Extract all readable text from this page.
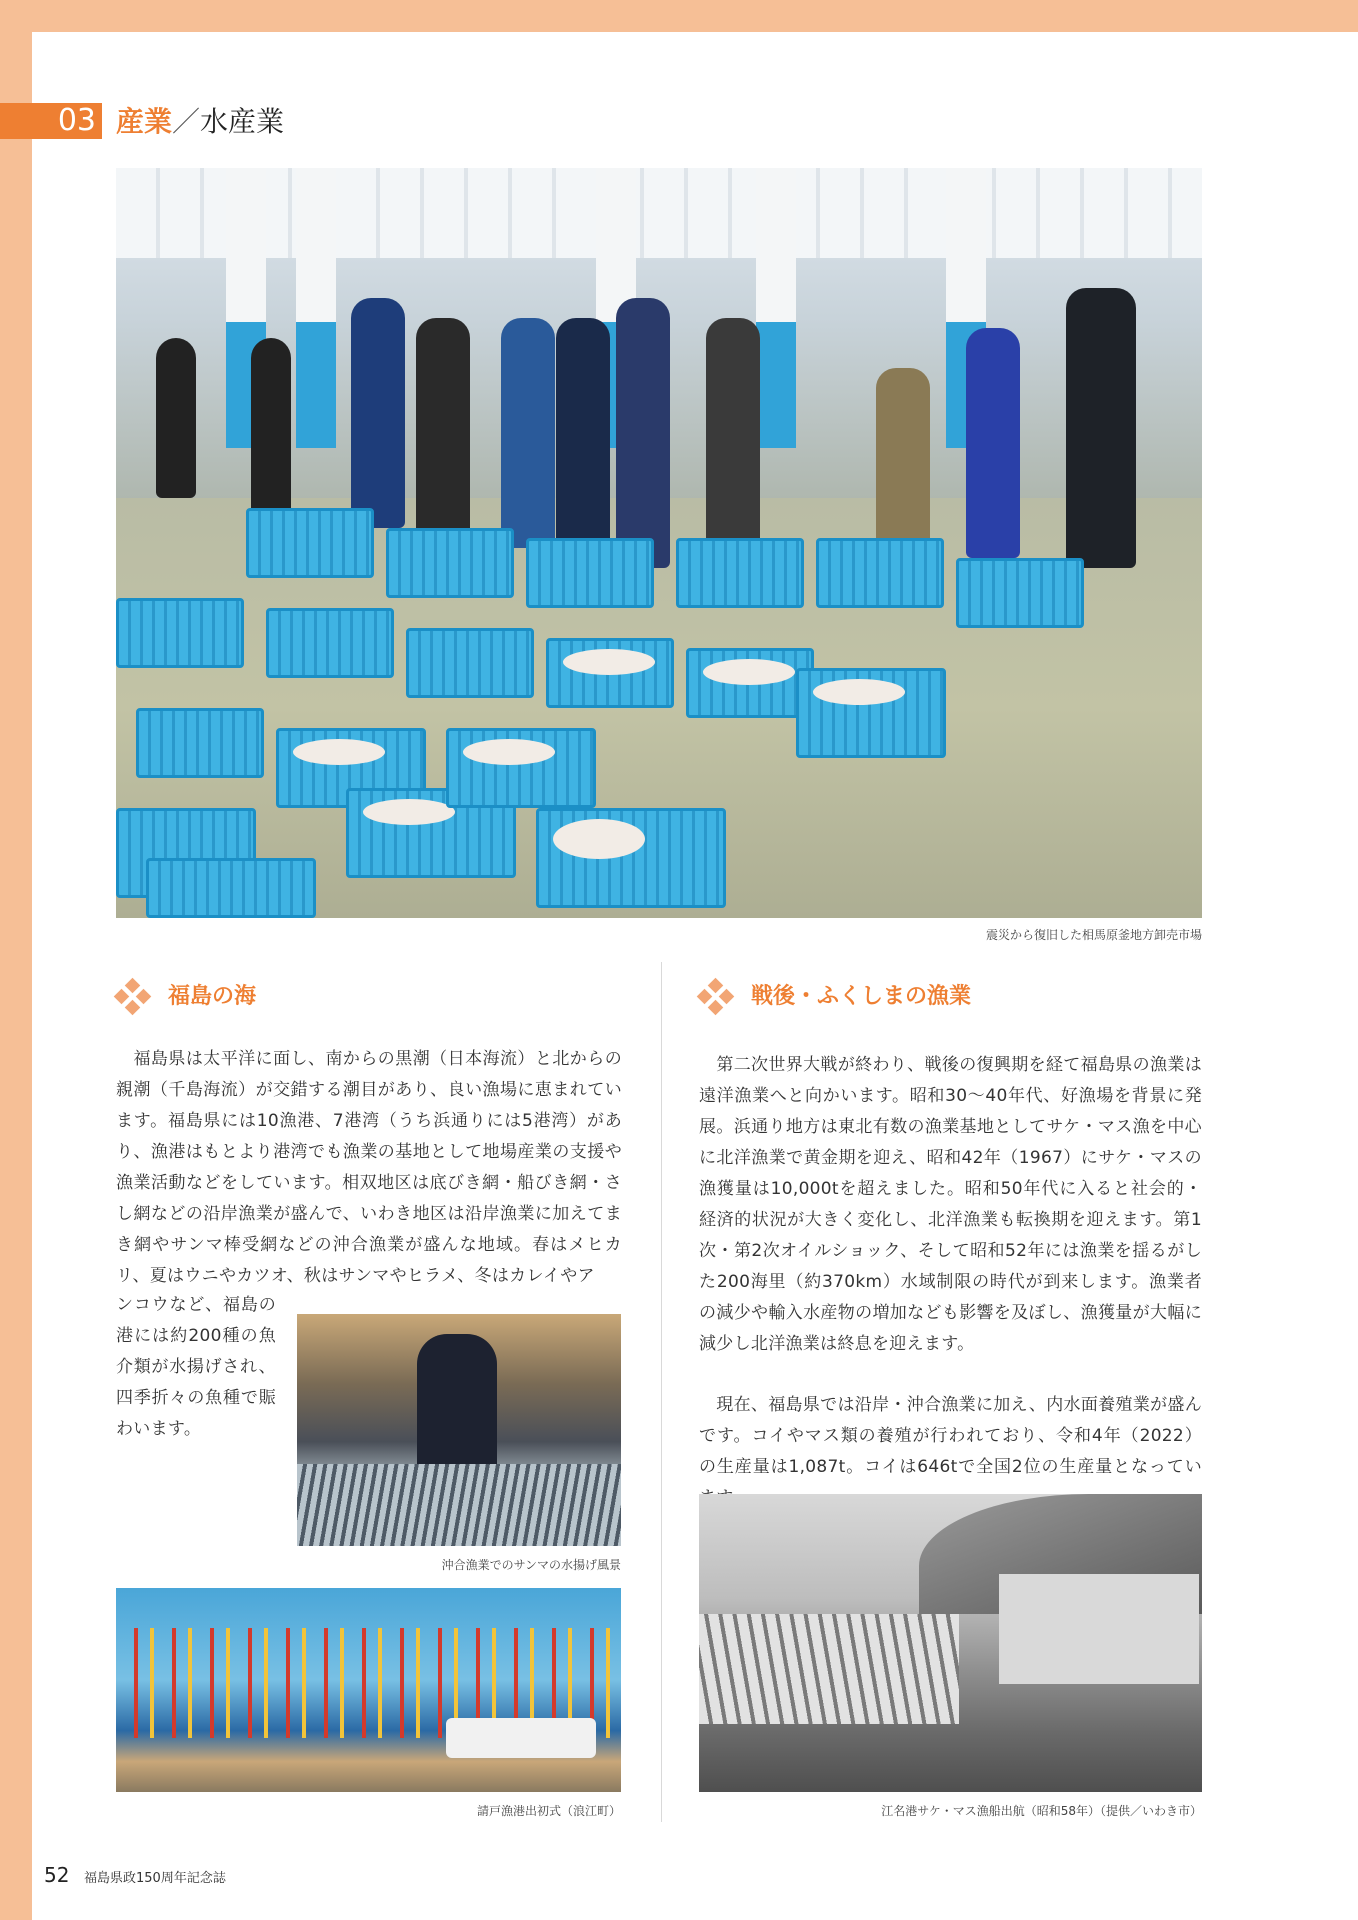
03 産業／水産業
震災から復旧した相馬原釜地方卸売市場
福島の海
　福島県は太平洋に面し、南からの黒潮（日本海流）と北からの親潮（千島海流）が交錯する潮目があり、良い漁場に恵まれています。福島県には10漁港、7港湾（うち浜通りには5港湾）があり、漁港はもとより港湾でも漁業の基地として地場産業の支援や漁業活動などをしています。相双地区は底びき網・船びき網・さし網などの沿岸漁業が盛んで、いわき地区は沿岸漁業に加えてまき網やサンマ棒受網などの沖合漁業が盛んな地域。春はメヒカリ、夏はウニやカツオ、秋はサンマやヒラメ、冬はカレイやア
ンコウなど、福島の港には約200種の魚介類が水揚げされ、四季折々の魚種で賑わいます。
沖合漁業でのサンマの水揚げ風景
請戸漁港出初式（浪江町）
戦後・ふくしまの漁業
　第二次世界大戦が終わり、戦後の復興期を経て福島県の漁業は遠洋漁業へと向かいます。昭和30～40年代、好漁場を背景に発展。浜通り地方は東北有数の漁業基地としてサケ・マス漁を中心に北洋漁業で黄金期を迎え、昭和42年（1967）にサケ・マスの漁獲量は10,000tを超えました。昭和50年代に入ると社会的・経済的状況が大きく変化し、北洋漁業も転換期を迎えます。第1次・第2次オイルショック、そして昭和52年には漁業を揺るがした200海里（約370km）水域制限の時代が到来します。漁業者の減少や輸入水産物の増加なども影響を及ぼし、漁獲量が大幅に減少し北洋漁業は終息を迎えます。
　現在、福島県では沿岸・沖合漁業に加え、内水面養殖業が盛んです。コイやマス類の養殖が行われており、令和4年（2022）の生産量は1,087t。コイは646tで全国2位の生産量となってい
江名港サケ・マス漁船出航（昭和58年）（提供／いわき市）
52 福島県政150周年記念誌
